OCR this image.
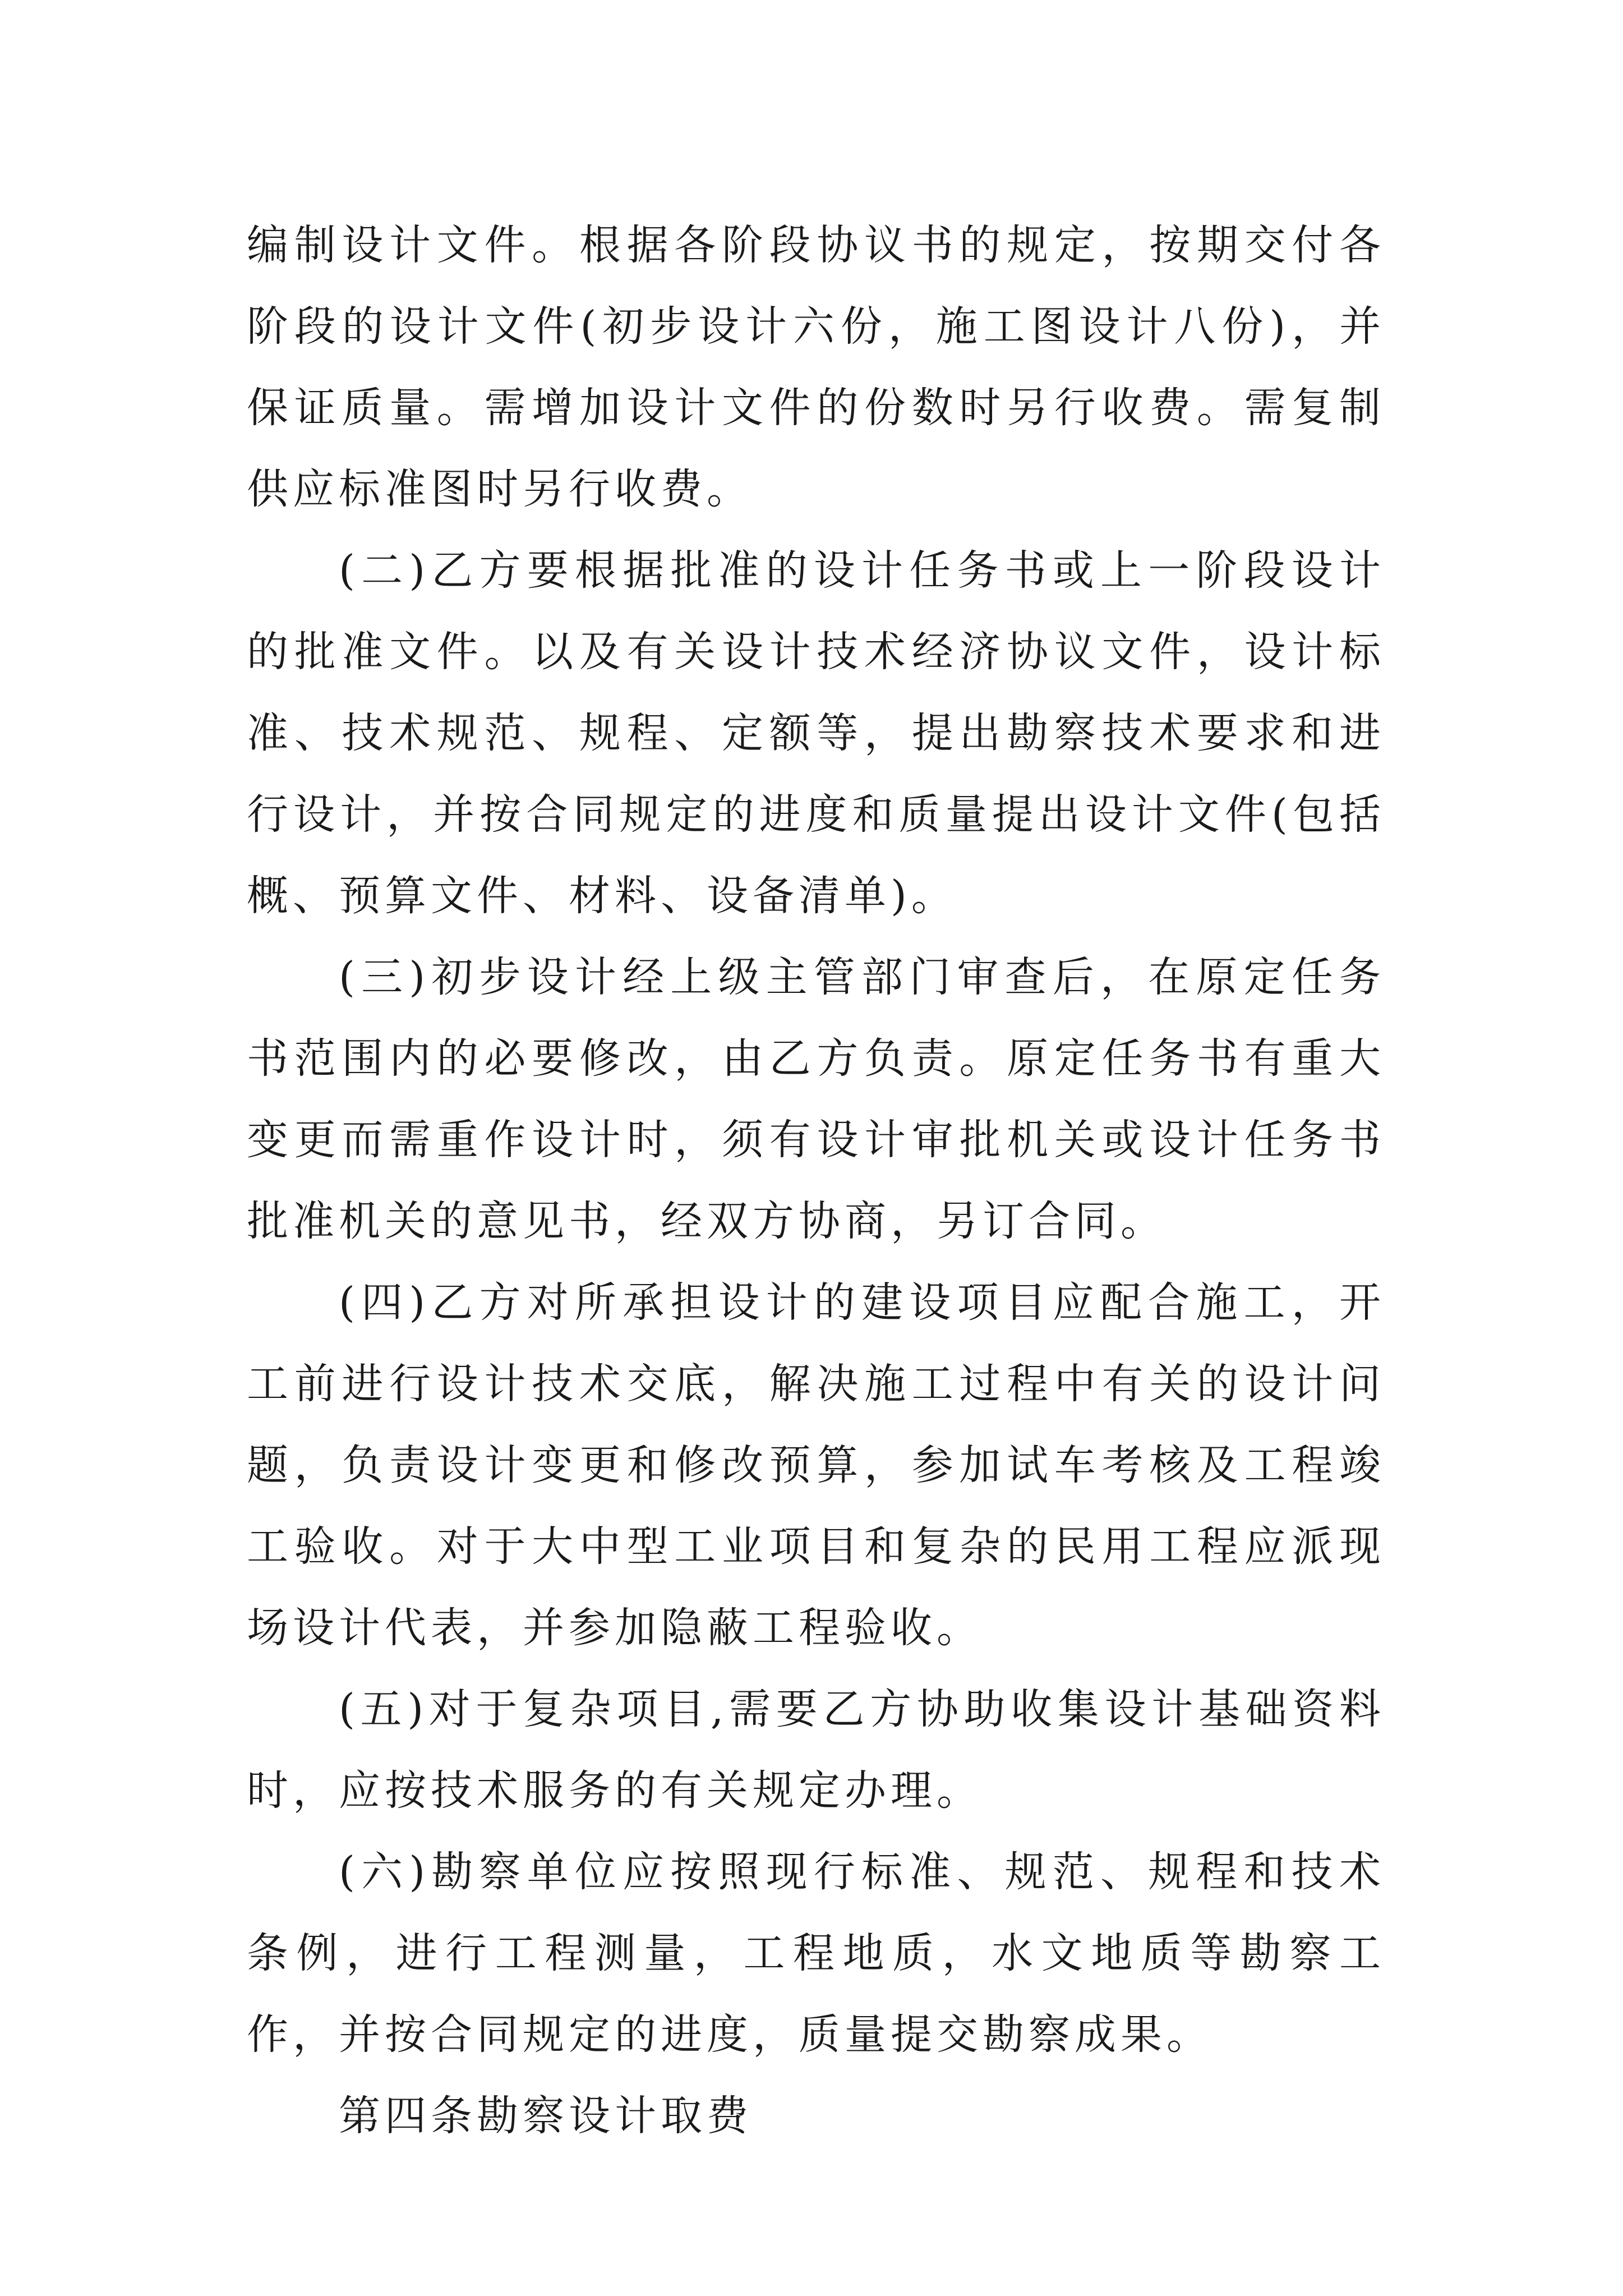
编制设计文件。根据各阶段协议书的规定，按期交付各阶段的设计文件(初步设计六份，施工图设计八份)，并保证质量。需增加设计文件的份数时另行收费。需复制供应标准图时另行收费。

(二)乙方要根据批准的设计任务书或上一阶段设计的批准文件。以及有关设计技术经济协议文件，设计标准、技术规范、规程、定额等，提出勘察技术要求和进行设计，并按合同规定的进度和质量提出设计文件(包括概、预算文件、材料、设备清单)。

(三)初步设计经上级主管部门审查后，在原定任务书范围内的必要修改，由乙方负责。原定任务书有重大变更而需重作设计时，须有设计审批机关或设计任务书批准机关的意见书，经双方协商，另订合同。

(四)乙方对所承担设计的建设项目应配合施工，开工前进行设计技术交底，解决施工过程中有关的设计问题，负责设计变更和修改预算，参加试车考核及工程竣工验收。对于大中型工业项目和复杂的民用工程应派现场设计代表，并参加隐蔽工程验收。

(五)对于复杂项目,需要乙方协助收集设计基础资料时，应按技术服务的有关规定办理。

(六)勘察单位应按照现行标准、规范、规程和技术条例，进行工程测量，工程地质，水文地质等勘察工作，并按合同规定的进度，质量提交勘察成果。

第四条勘察设计取费
